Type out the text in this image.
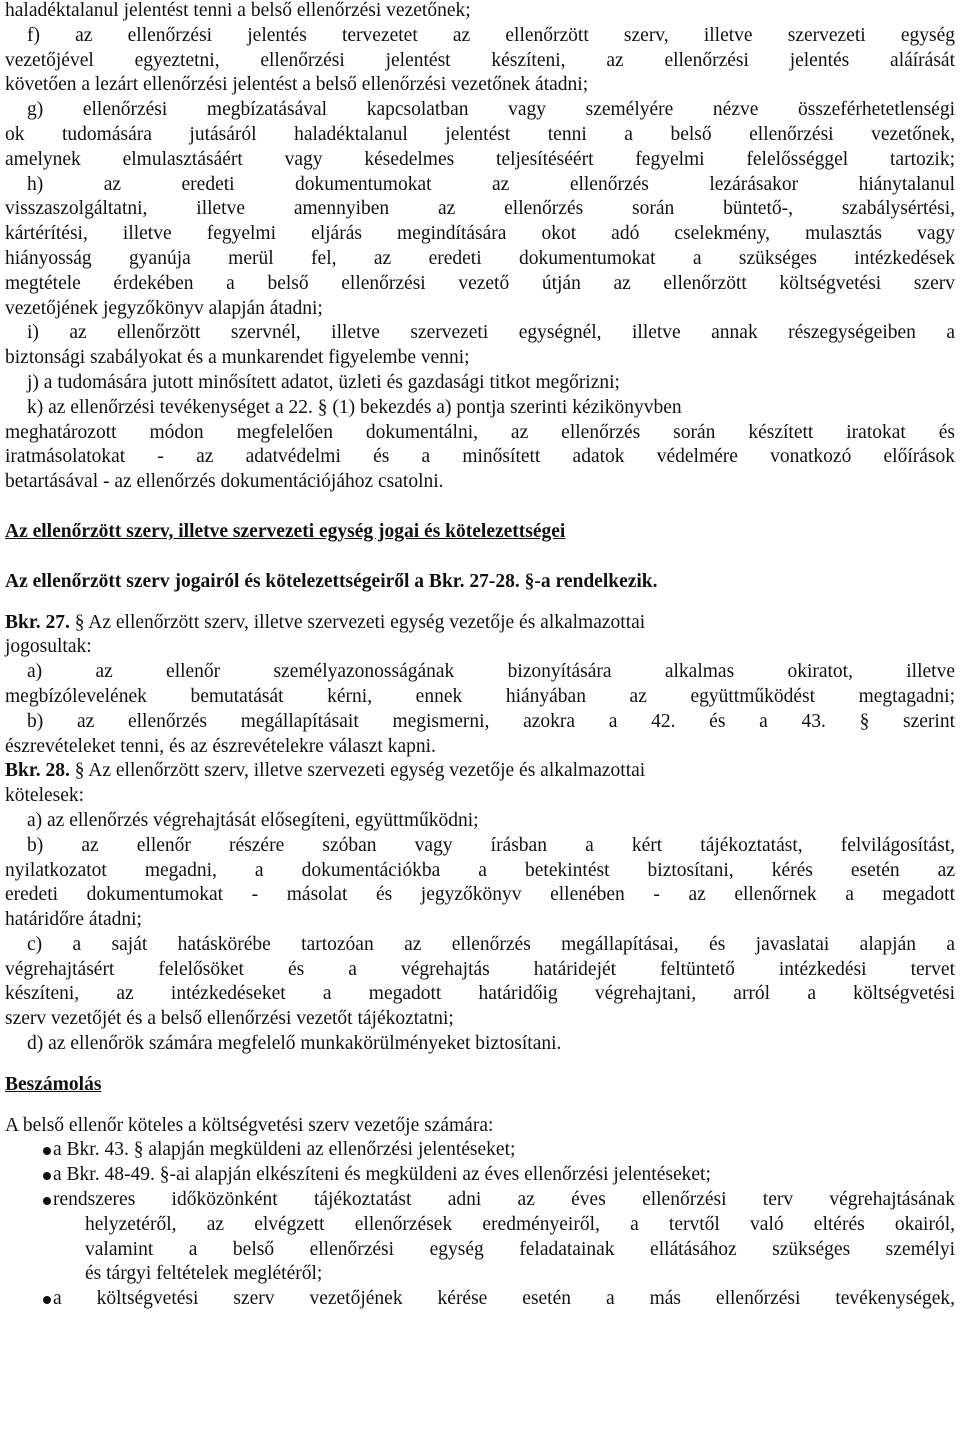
haladéktalanul jelentést tenni a belső ellenőrzési vezetőnek;
f) az ellenőrzési jelentés tervezetet az ellenőrzött szerv, illetve szervezeti egység
vezetőjével egyeztetni, ellenőrzési jelentést készíteni, az ellenőrzési jelentés aláírását
követően a lezárt ellenőrzési jelentést a belső ellenőrzési vezetőnek átadni;
g) ellenőrzési megbízatásával kapcsolatban vagy személyére nézve összeférhetetlenségi
ok tudomására jutásáról haladéktalanul jelentést tenni a belső ellenőrzési vezetőnek,
amelynek elmulasztásáért vagy késedelmes teljesítéséért fegyelmi felelősséggel tartozik;
h) az eredeti dokumentumokat az ellenőrzés lezárásakor hiánytalanul
visszaszolgáltatni, illetve amennyiben az ellenőrzés során büntető-, szabálysértési,
kártérítési, illetve fegyelmi eljárás megindítására okot adó cselekmény, mulasztás vagy
hiányosság gyanúja merül fel, az eredeti dokumentumokat a szükséges intézkedések
megtétele érdekében a belső ellenőrzési vezető útján az ellenőrzött költségvetési szerv
vezetőjének jegyzőkönyv alapján átadni;
i) az ellenőrzött szervnél, illetve szervezeti egységnél, illetve annak részegységeiben a
biztonsági szabályokat és a munkarendet figyelembe venni;
j) a tudomására jutott minősített adatot, üzleti és gazdasági titkot megőrizni;
k) az ellenőrzési tevékenységet a 22. § (1) bekezdés a) pontja szerinti kézikönyvben
meghatározott módon megfelelően dokumentálni, az ellenőrzés során készített iratokat és
iratmásolatokat - az adatvédelmi és a minősített adatok védelmére vonatkozó előírások
betartásával - az ellenőrzés dokumentációjához csatolni.
Az ellenőrzött szerv, illetve szervezeti egység jogai és kötelezettségei
Az ellenőrzött szerv jogairól és kötelezettségeiről a Bkr. 27-28. §-a rendelkezik.
Bkr. 27. § Az ellenőrzött szerv, illetve szervezeti egység vezetője és alkalmazottai
jogosultak:
a) az ellenőr személyazonosságának bizonyítására alkalmas okiratot, illetve
megbízólevelének bemutatását kérni, ennek hiányában az együttműködést megtagadni;
b) az ellenőrzés megállapításait megismerni, azokra a 42. és a 43. § szerint
észrevételeket tenni, és az észrevételekre választ kapni.
Bkr. 28. § Az ellenőrzött szerv, illetve szervezeti egység vezetője és alkalmazottai
kötelesek:
a) az ellenőrzés végrehajtását elősegíteni, együttműködni;
b) az ellenőr részére szóban vagy írásban a kért tájékoztatást, felvilágosítást,
nyilatkozatot megadni, a dokumentációkba a betekintést biztosítani, kérés esetén az
eredeti dokumentumokat - másolat és jegyzőkönyv ellenében - az ellenőrnek a megadott
határidőre átadni;
c) a saját hatáskörébe tartozóan az ellenőrzés megállapításai, és javaslatai alapján a
végrehajtásért felelősöket és a végrehajtás határidejét feltüntető intézkedési tervet
készíteni, az intézkedéseket a megadott határidőig végrehajtani, arról a költségvetési
szerv vezetőjét és a belső ellenőrzési vezetőt tájékoztatni;
d) az ellenőrök számára megfelelő munkakörülményeket biztosítani.
Beszámolás
A belső ellenőr köteles a költségvetési szerv vezetője számára:
a Bkr. 43. § alapján megküldeni az ellenőrzési jelentéseket;
a Bkr. 48-49. §-ai alapján elkészíteni és megküldeni az éves ellenőrzési jelentéseket;
rendszeres időközönként tájékoztatást adni az éves ellenőrzési terv végrehajtásának
helyzetéről, az elvégzett ellenőrzések eredményeiről, a tervtől való eltérés okairól,
valamint a belső ellenőrzési egység feladatainak ellátásához szükséges személyi
és tárgyi feltételek meglétéről;
a költségvetési szerv vezetőjének kérése esetén a más ellenőrzési tevékenységek,
